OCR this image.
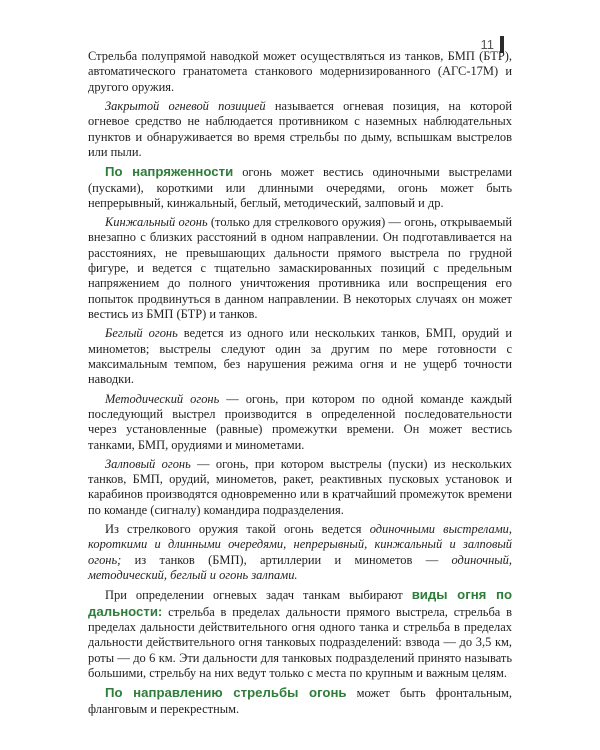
11

Стрельба полупрямой наводкой может осуществляться из танков, БМП (БТР), автоматического гранатомета станкового модернизированного (АГС-17М) и другого оружия.

Закрытой огневой позицией называется огневая позиция, на которой огневое средство не наблюдается противником с наземных наблюдательных пунктов и обнаруживается во время стрельбы по дыму, вспышкам выстрелов или пыли.

По напряженности огонь может вестись одиночными выстрелами (пусками), короткими или длинными очередями, огонь может быть непрерывный, кинжальный, беглый, методический, залповый и др.

Кинжальный огонь (только для стрелкового оружия) — огонь, открываемый внезапно с близких расстояний в одном направлении. Он подготавливается на расстояниях, не превышающих дальности прямого выстрела по грудной фигуре, и ведется с тщательно замаскированных позиций с предельным напряжением до полного уничтожения противника или воспрещения его попыток продвинуться в данном направлении. В некоторых случаях он может вестись из БМП (БТР) и танков.

Беглый огонь ведется из одного или нескольких танков, БМП, орудий и минометов; выстрелы следуют один за другим по мере готовности с максимальным темпом, без нарушения режима огня и не ущерб точности наводки.

Методический огонь — огонь, при котором по одной команде каждый последующий выстрел производится в определенной последовательности через установленные (равные) промежутки времени. Он может вестись танками, БМП, орудиями и минометами.

Залповый огонь — огонь, при котором выстрелы (пуски) из нескольких танков, БМП, орудий, минометов, ракет, реактивных пусковых установок и карабинов производятся одновременно или в кратчайший промежуток времени по команде (сигналу) командира подразделения.

Из стрелкового оружия такой огонь ведется одиночными выстрелами, короткими и длинными очередями, непрерывный, кинжальный и залповый огонь; из танков (БМП), артиллерии и минометов — одиночный, методический, беглый и огонь залпами.

При определении огневых задач танкам выбирают виды огня по дальности: стрельба в пределах дальности прямого выстрела, стрельба в пределах дальности действительного огня одного танка и стрельба в пределах дальности действительного огня танковых подразделений: взвода — до 3,5 км, роты — до 6 км. Эти дальности для танковых подразделений принято называть большими, стрельбу на них ведут только с места по крупным и важным целям.

По направлению стрельбы огонь может быть фронтальным, фланговым и перекрестным.
